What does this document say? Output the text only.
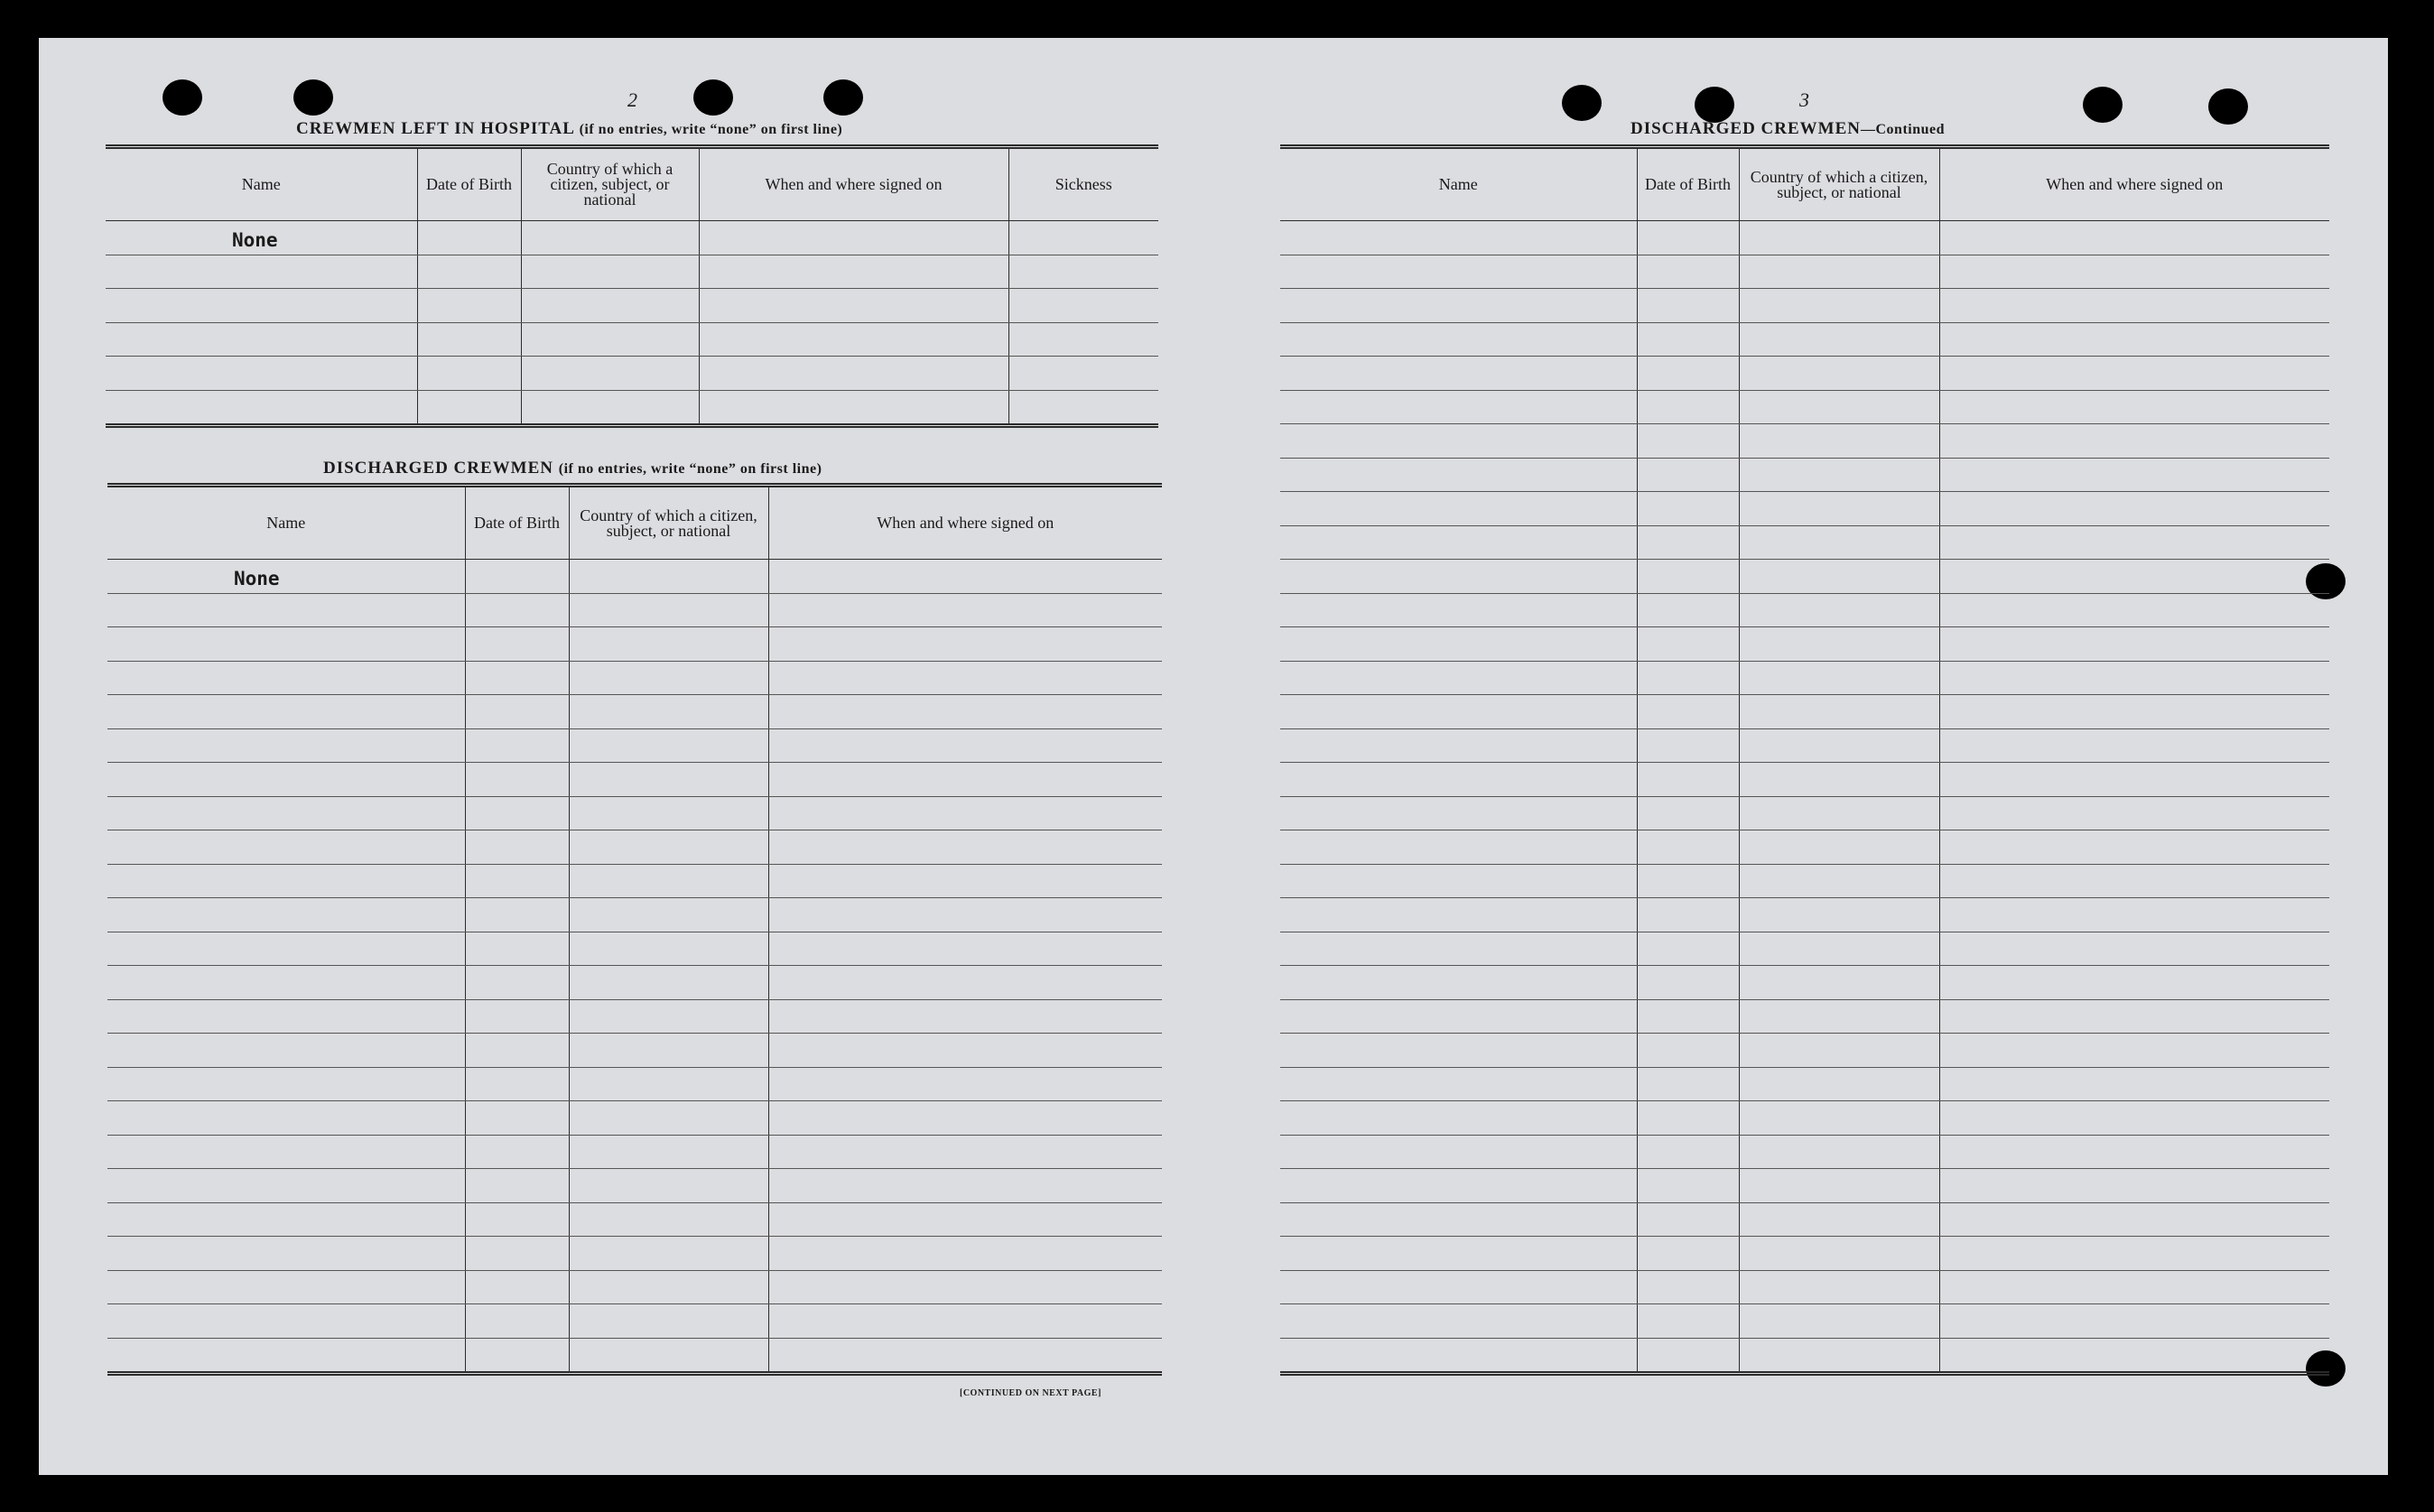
2	3
CREWMEN LEFT IN HOSPITAL (if no entries, write “none” on first line)
Name	Date of Birth	Country of which a citizen, subject, or national	When and where signed on	Sickness

None				

DISCHARGED CREWMEN (if no entries, write “none” on first line)
Name	Date of Birth	Country of which a citizen, subject, or national	When and where signed on

None			

[CONTINUED ON NEXT PAGE]
DISCHARGED CREWMEN—Continued
Name	Date of Birth	Country of which a citizen, subject, or national	When and where signed on
